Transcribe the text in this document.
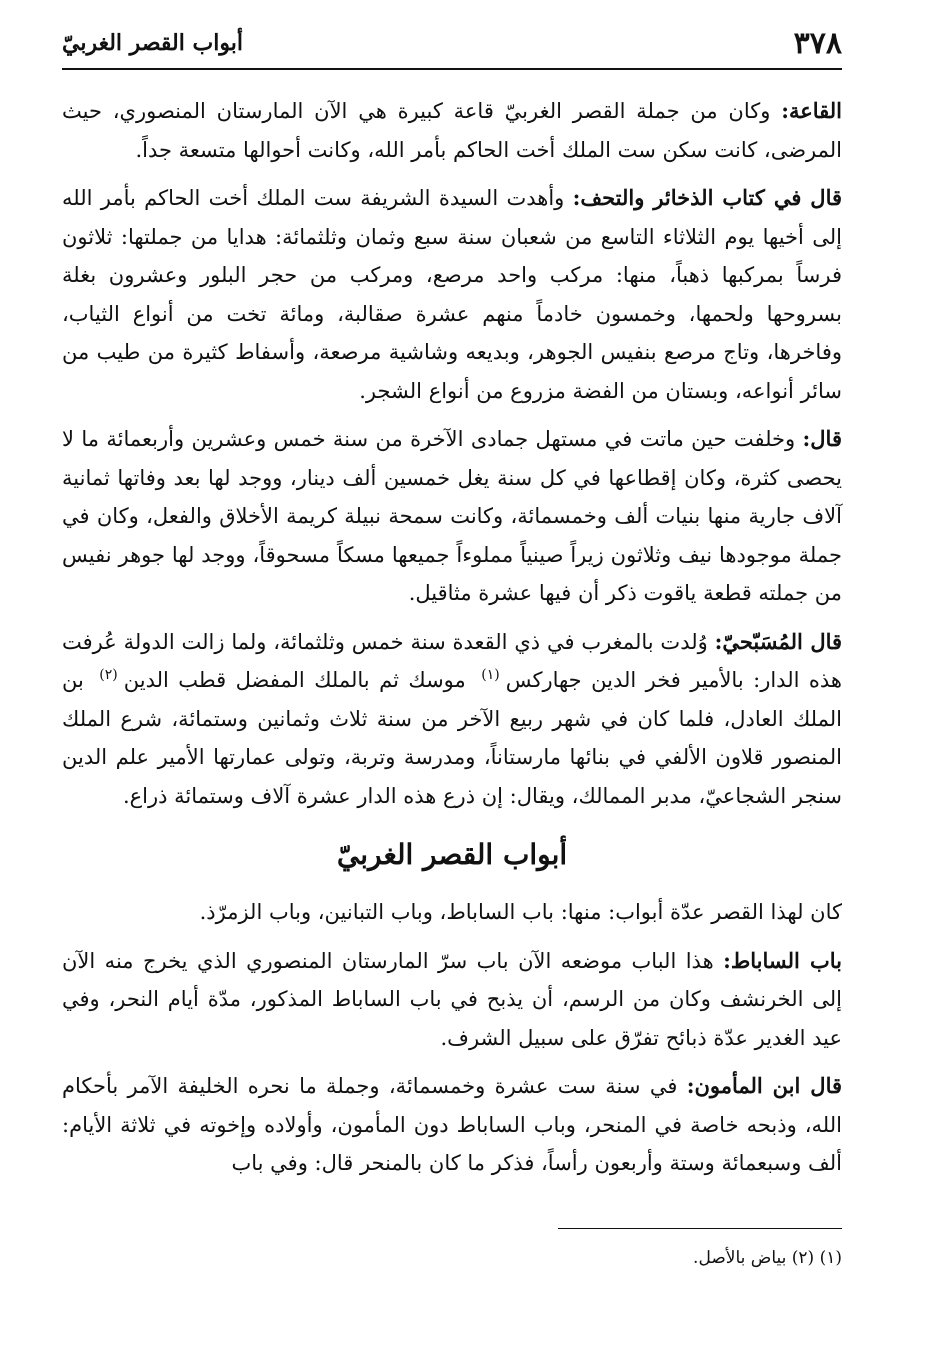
٣٧٨
أبواب القصر الغربيّ

القاعة: وكان من جملة القصر الغربيّ قاعة كبيرة هي الآن المارستان المنصوري، حيث المرضى، كانت سكن ست الملك أخت الحاكم بأمر الله، وكانت أحوالها متسعة جداً.

قال في كتاب الذخائر والتحف: وأهدت السيدة الشريفة ست الملك أخت الحاكم بأمر الله إلى أخيها يوم الثلاثاء التاسع من شعبان سنة سبع وثمان وثلثمائة: هدايا من جملتها: ثلاثون فرساً بمركبها ذهباً، منها: مركب واحد مرصع، ومركب من حجر البلور وعشرون بغلة بسروحها ولحمها، وخمسون خادماً منهم عشرة صقالبة، ومائة تخت من أنواع الثياب، وفاخرها، وتاج مرصع بنفيس الجوهر، وبديعه وشاشية مرصعة، وأسفاط كثيرة من طيب من سائر أنواعه، وبستان من الفضة مزروع من أنواع الشجر.

قال: وخلفت حين ماتت في مستهل جمادى الآخرة من سنة خمس وعشرين وأربعمائة ما لا يحصى كثرة، وكان إقطاعها في كل سنة يغل خمسين ألف دينار، ووجد لها بعد وفاتها ثمانية آلاف جارية منها بنيات ألف وخمسمائة، وكانت سمحة نبيلة كريمة الأخلاق والفعل، وكان في جملة موجودها نيف وثلاثون زيراً صينياً مملوءاً جميعها مسكاً مسحوقاً، ووجد لها جوهر نفيس من جملته قطعة ياقوت ذكر أن فيها عشرة مثاقيل.

قال المُسَبّحيّ: وُلدت بالمغرب في ذي القعدة سنة خمس وثلثمائة، ولما زالت الدولة عُرفت هذه الدار: بالأمير فخر الدين جهاركس$^{(١)}$ موسك ثم بالملك المفضل قطب الدين$^{(٢)}$ بن الملك العادل، فلما كان في شهر ربيع الآخر من سنة ثلاث وثمانين وستمائة، شرع الملك المنصور قلاون الألفي في بنائها مارستاناً، ومدرسة وتربة، وتولى عمارتها الأمير علم الدين سنجر الشجاعيّ، مدبر الممالك، ويقال: إن ذرع هذه الدار عشرة آلاف وستمائة ذراع.

أبواب القصر الغربيّ

كان لهذا القصر عدّة أبواب: منها: باب الساباط، وباب التبانين، وباب الزمرّذ.

باب الساباط: هذا الباب موضعه الآن باب سرّ المارستان المنصوري الذي يخرج منه الآن إلى الخرنشف وكان من الرسم، أن يذبح في باب الساباط المذكور، مدّة أيام النحر، وفي عيد الغدير عدّة ذبائح تفرّق على سبيل الشرف.

قال ابن المأمون: في سنة ست عشرة وخمسمائة، وجملة ما نحره الخليفة الآمر بأحكام الله، وذبحه خاصة في المنحر، وباب الساباط دون المأمون، وأولاده وإخوته في ثلاثة الأيام: ألف وسبعمائة وستة وأربعون رأساً، فذكر ما كان بالمنحر قال: وفي باب

(١) (٢) بياض بالأصل.
